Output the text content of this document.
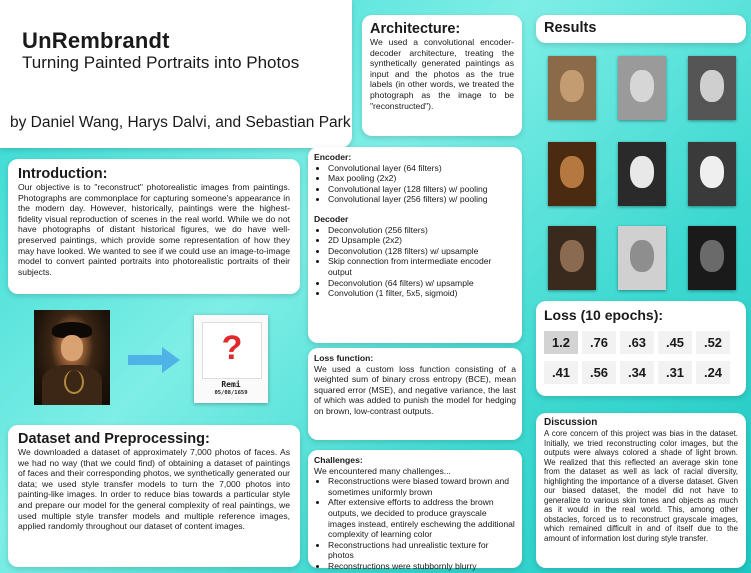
UnRembrandt
Turning Painted Portraits into Photos
by Daniel Wang, Harys Dalvi, and Sebastian Park
Introduction:
Our objective is to "reconstruct" photorealistic images from paintings. Photographs are commonplace for capturing someone's appearance in the modern day. However, historically, paintings were the highest-fidelity visual reproduction of scenes in the real world. While we do not have photographs of distant historical figures, we do have well-preserved paintings, which provide some representation of how they may have looked. We wanted to see if we could use an image-to-image model to convert painted portraits into photorealistic portraits of their subjects.
?
Remi
05/08/1659
Dataset and Preprocessing:
We downloaded a dataset of approximately 7,000 photos of faces. As we had no way (that we could find) of obtaining a dataset of paintings of faces and their corresponding photos, we synthetically generated our data; we used style transfer models to turn the 7,000 photos into painting-like images. In order to reduce bias towards a particular style and prepare our model for the general complexity of real paintings, we used multiple style transfer models and multiple reference images, applied randomly throughout our dataset of content images.
Architecture:
We used a convolutional encoder-decoder architecture, treating the synthetically generated paintings as input and the photos as the true labels (in other words, we treated the photograph as the image to be "reconstructed").
Encoder:
• Convolutional layer (64 filters)
• Max pooling (2x2)
• Convolutional layer (128 filters) w/ pooling
• Convolutional layer (256 filters) w/ pooling
Decoder
• Deconvolution (256 filters)
• 2D Upsample (2x2)
• Deconvolution (128 filters) w/ upsample
• Skip connection from intermediate encoder output
• Deconvolution (64 filters) w/ upsample
• Convolution (1 filter, 5x5, sigmoid)
Loss function:
We used a custom loss function consisting of a weighted sum of binary cross entropy (BCE), mean squared error (MSE), and negative variance, the last of which was added to punish the model for hedging on brown, low-contrast outputs.
Challenges:
We encountered many challenges...
• Reconstructions were biased toward brown and sometimes uniformly brown
• After extensive efforts to address the brown outputs, we decided to produce grayscale images instead, entirely eschewing the additional complexity of learning color
• Reconstructions had unrealistic texture for photos
• Reconstructions were stubbornly blurry
Results
Loss (10 epochs):
1.2	.76	.63	.45	.52
.41	.56	.34	.31	.24
Discussion
A core concern of this project was bias in the dataset. Initially, we tried reconstructing color images, but the outputs were always colored a shade of light brown. We realized that this reflected an average skin tone from the dataset as well as lack of racial diversity, highlighting the importance of a diverse dataset. Given our biased dataset, the model did not have to generalize to various skin tones and objects as much as it would in the real world. This, among other obstacles, forced us to reconstruct grayscale images, which remained difficult in and of itself due to the amount of information lost during style transfer.
